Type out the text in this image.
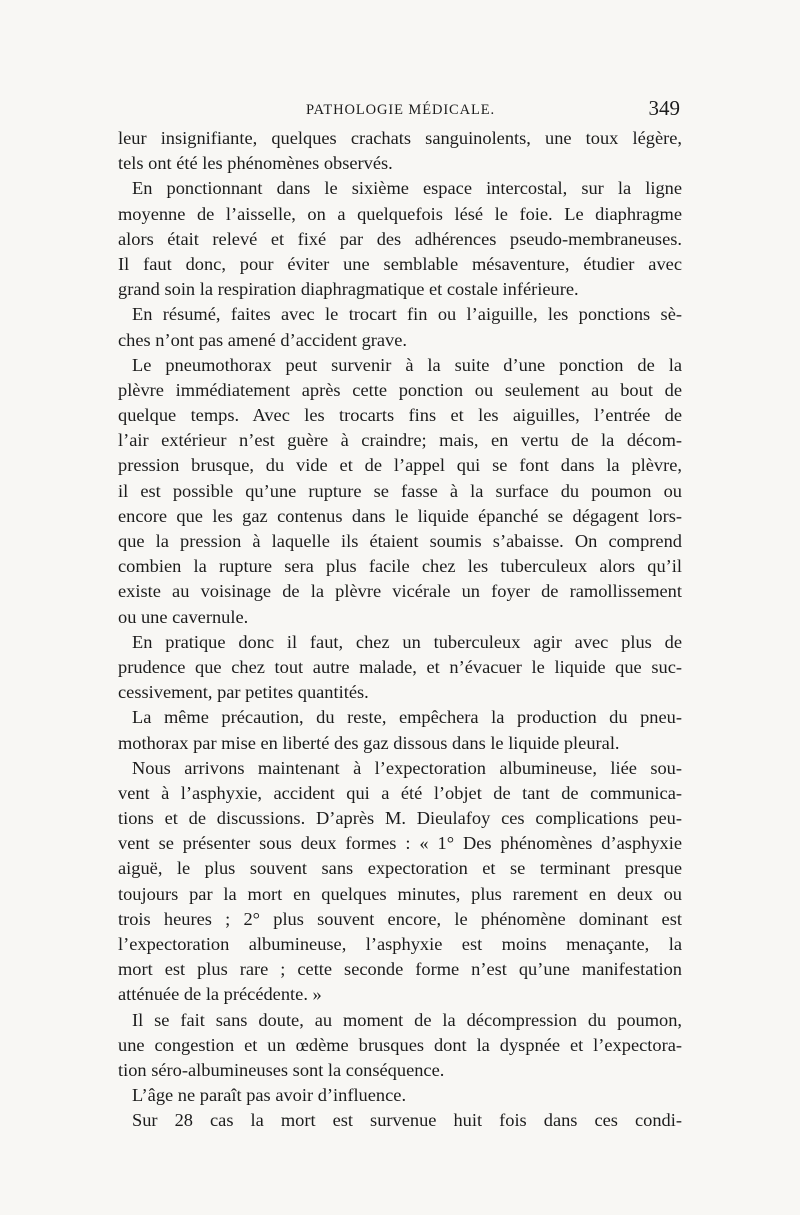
PATHOLOGIE MÉDICALE.	349
leur insignifiante, quelques crachats sanguinolents, une toux légère,
tels ont été les phénomènes observés.
En ponctionnant dans le sixième espace intercostal, sur la ligne
moyenne de l’aisselle, on a quelquefois lésé le foie. Le diaphragme
alors était relevé et fixé par des adhérences pseudo-membraneuses.
Il faut donc, pour éviter une semblable mésaventure, étudier avec
grand soin la respiration diaphragmatique et costale inférieure.
En résumé, faites avec le trocart fin ou l’aiguille, les ponctions sè-
ches n’ont pas amené d’accident grave.
Le pneumothorax peut survenir à la suite d’une ponction de la
plèvre immédiatement après cette ponction ou seulement au bout de
quelque temps. Avec les trocarts fins et les aiguilles, l’entrée de
l’air extérieur n’est guère à craindre; mais, en vertu de la décom-
pression brusque, du vide et de l’appel qui se font dans la plèvre,
il est possible qu’une rupture se fasse à la surface du poumon ou
encore que les gaz contenus dans le liquide épanché se dégagent lors-
que la pression à laquelle ils étaient soumis s’abaisse. On comprend
combien la rupture sera plus facile chez les tuberculeux alors qu’il
existe au voisinage de la plèvre vicérale un foyer de ramollissement
ou une cavernule.
En pratique donc il faut, chez un tuberculeux agir avec plus de
prudence que chez tout autre malade, et n’évacuer le liquide que suc-
cessivement, par petites quantités.
La même précaution, du reste, empêchera la production du pneu-
mothorax par mise en liberté des gaz dissous dans le liquide pleural.
Nous arrivons maintenant à l’expectoration albumineuse, liée sou-
vent à l’asphyxie, accident qui a été l’objet de tant de communica-
tions et de discussions. D’après M. Dieulafoy ces complications peu-
vent se présenter sous deux formes : « 1° Des phénomènes d’asphyxie
aiguë, le plus souvent sans expectoration et se terminant presque
toujours par la mort en quelques minutes, plus rarement en deux ou
trois heures ; 2° plus souvent encore, le phénomène dominant est
l’expectoration albumineuse, l’asphyxie est moins menaçante, la
mort est plus rare ; cette seconde forme n’est qu’une manifestation
atténuée de la précédente. »
Il se fait sans doute, au moment de la décompression du poumon,
une congestion et un œdème brusques dont la dyspnée et l’expectora-
tion séro-albumineuses sont la conséquence.
L’âge ne paraît pas avoir d’influence.
Sur 28 cas la mort est survenue huit fois dans ces condi-
